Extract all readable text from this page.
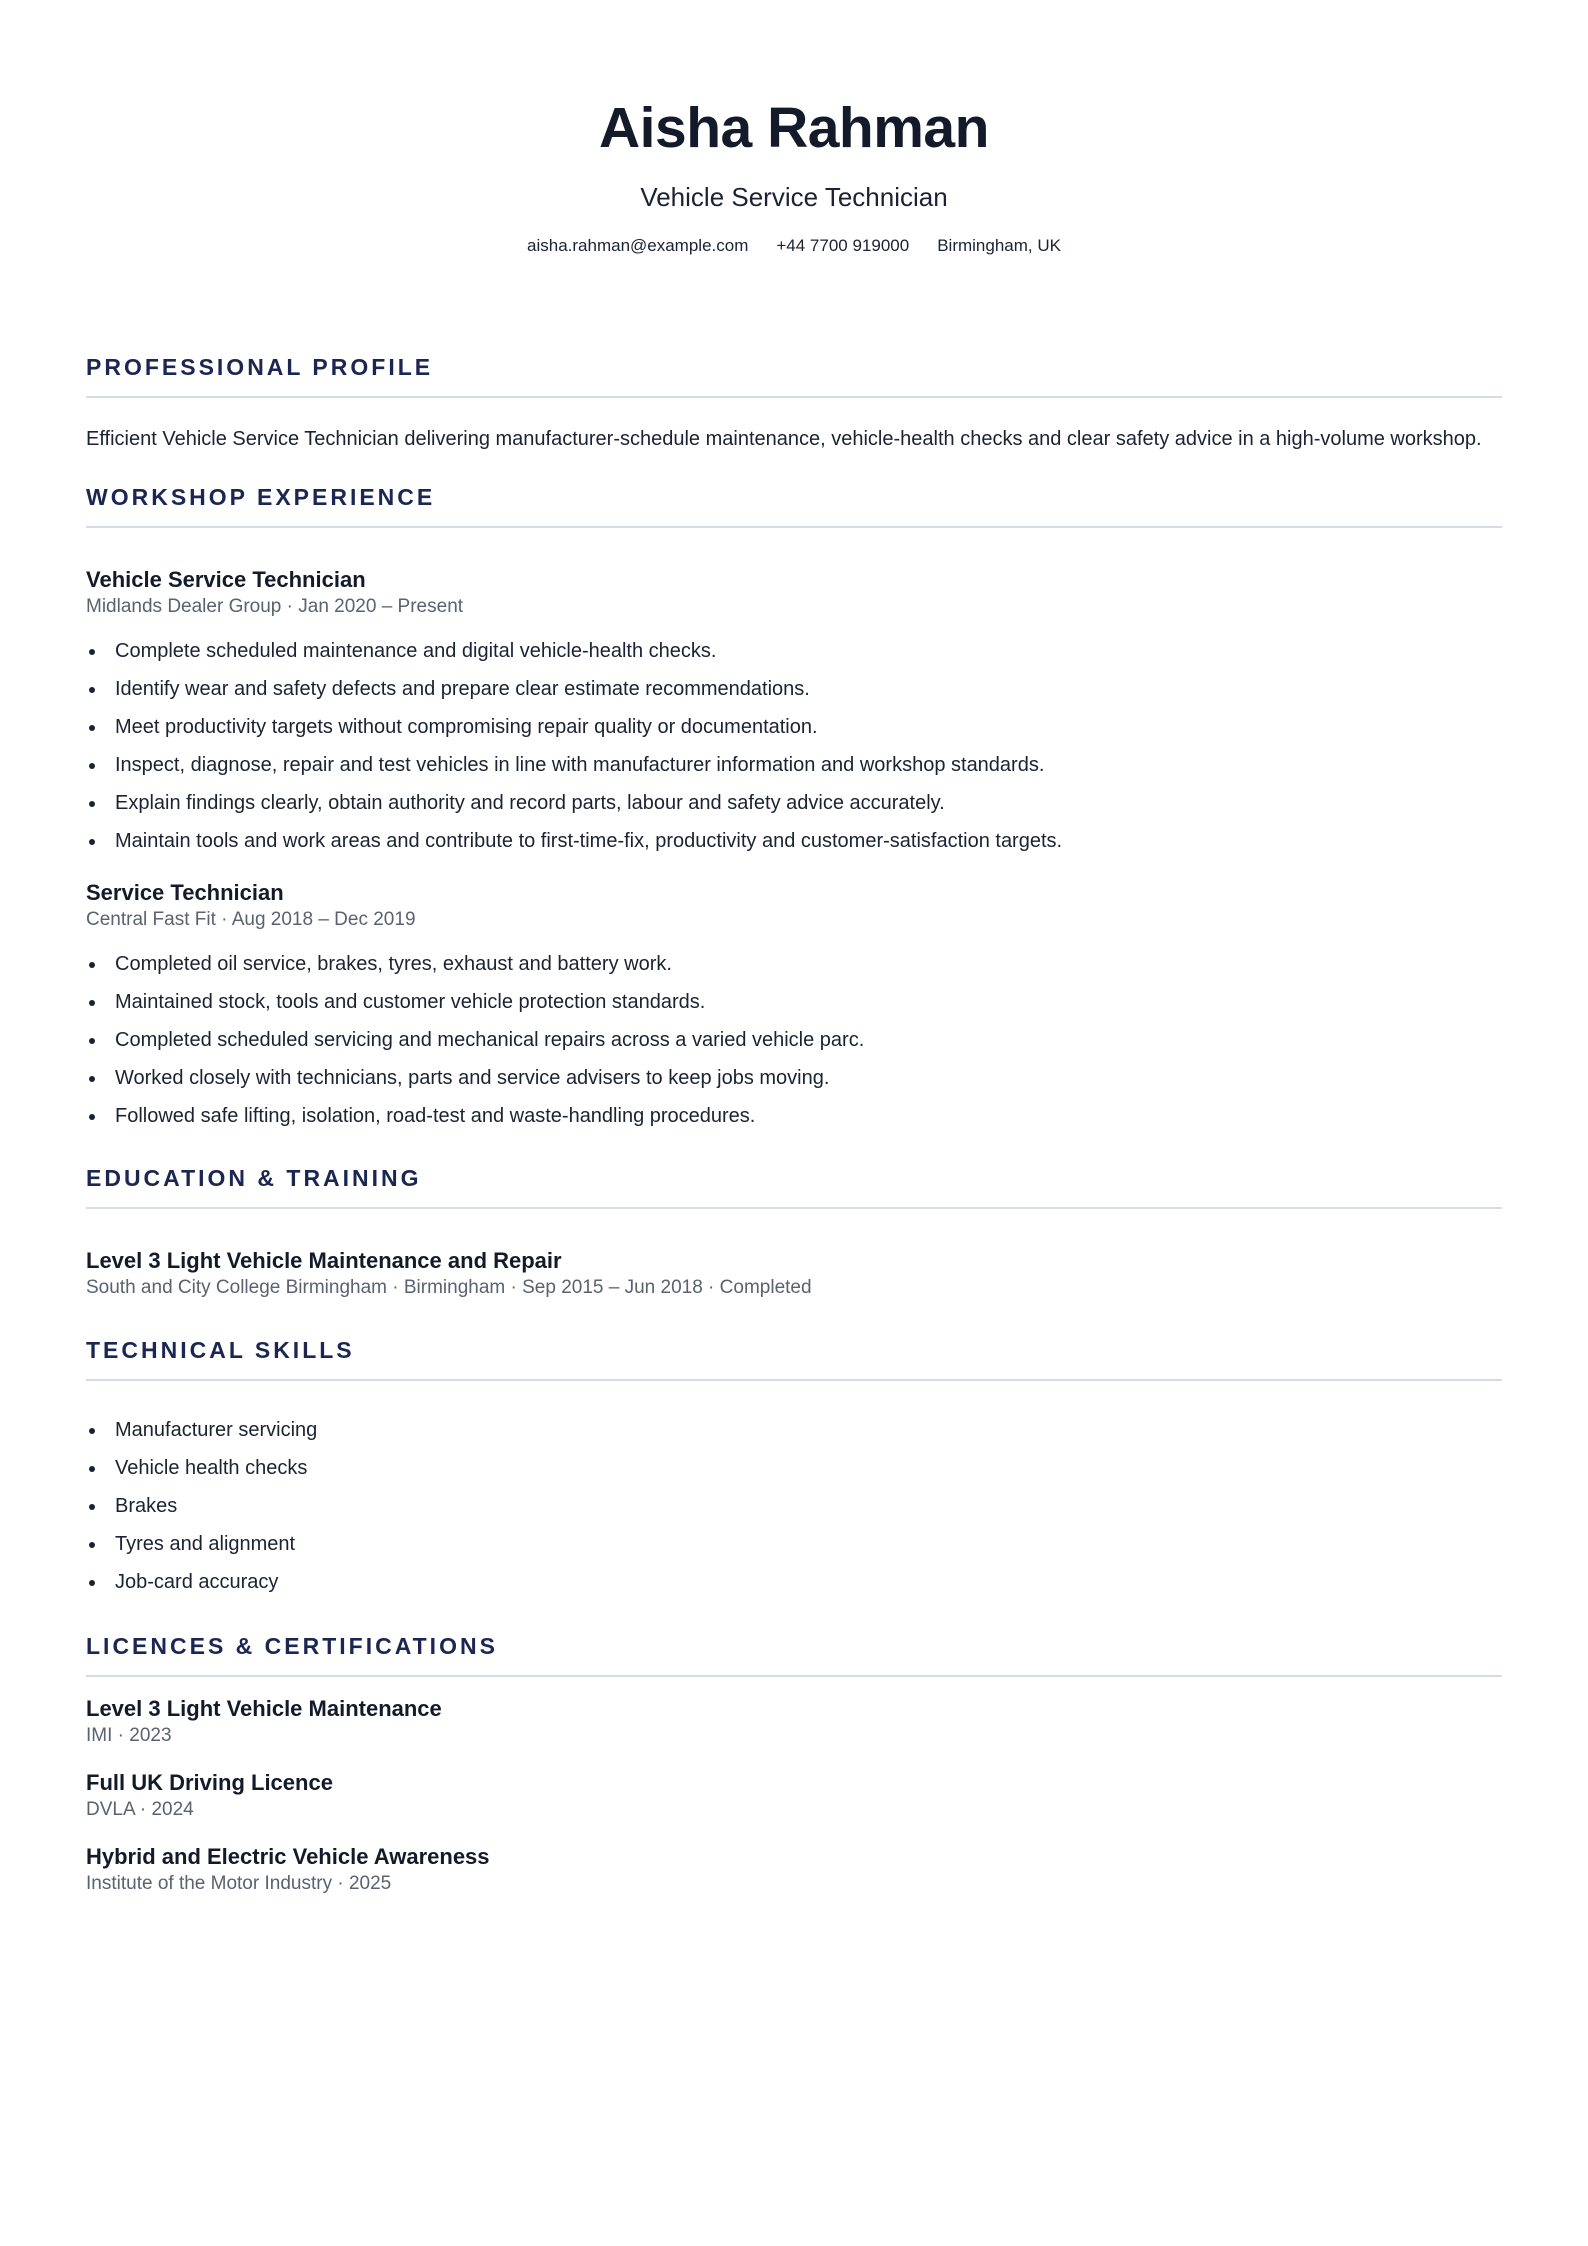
Aisha Rahman
Vehicle Service Technician
aisha.rahman@example.com +44 7700 919000 Birmingham, UK
PROFESSIONAL PROFILE
Efficient Vehicle Service Technician delivering manufacturer-schedule maintenance, vehicle-health checks and clear safety advice in a high-volume workshop.
WORKSHOP EXPERIENCE
Vehicle Service Technician
Midlands Dealer Group · Jan 2020 – Present
Complete scheduled maintenance and digital vehicle-health checks.
Identify wear and safety defects and prepare clear estimate recommendations.
Meet productivity targets without compromising repair quality or documentation.
Inspect, diagnose, repair and test vehicles in line with manufacturer information and workshop standards.
Explain findings clearly, obtain authority and record parts, labour and safety advice accurately.
Maintain tools and work areas and contribute to first-time-fix, productivity and customer-satisfaction targets.
Service Technician
Central Fast Fit · Aug 2018 – Dec 2019
Completed oil service, brakes, tyres, exhaust and battery work.
Maintained stock, tools and customer vehicle protection standards.
Completed scheduled servicing and mechanical repairs across a varied vehicle parc.
Worked closely with technicians, parts and service advisers to keep jobs moving.
Followed safe lifting, isolation, road-test and waste-handling procedures.
EDUCATION & TRAINING
Level 3 Light Vehicle Maintenance and Repair
South and City College Birmingham · Birmingham · Sep 2015 – Jun 2018 · Completed
TECHNICAL SKILLS
Manufacturer servicing
Vehicle health checks
Brakes
Tyres and alignment
Job-card accuracy
LICENCES & CERTIFICATIONS
Level 3 Light Vehicle Maintenance
IMI · 2023
Full UK Driving Licence
DVLA · 2024
Hybrid and Electric Vehicle Awareness
Institute of the Motor Industry · 2025
